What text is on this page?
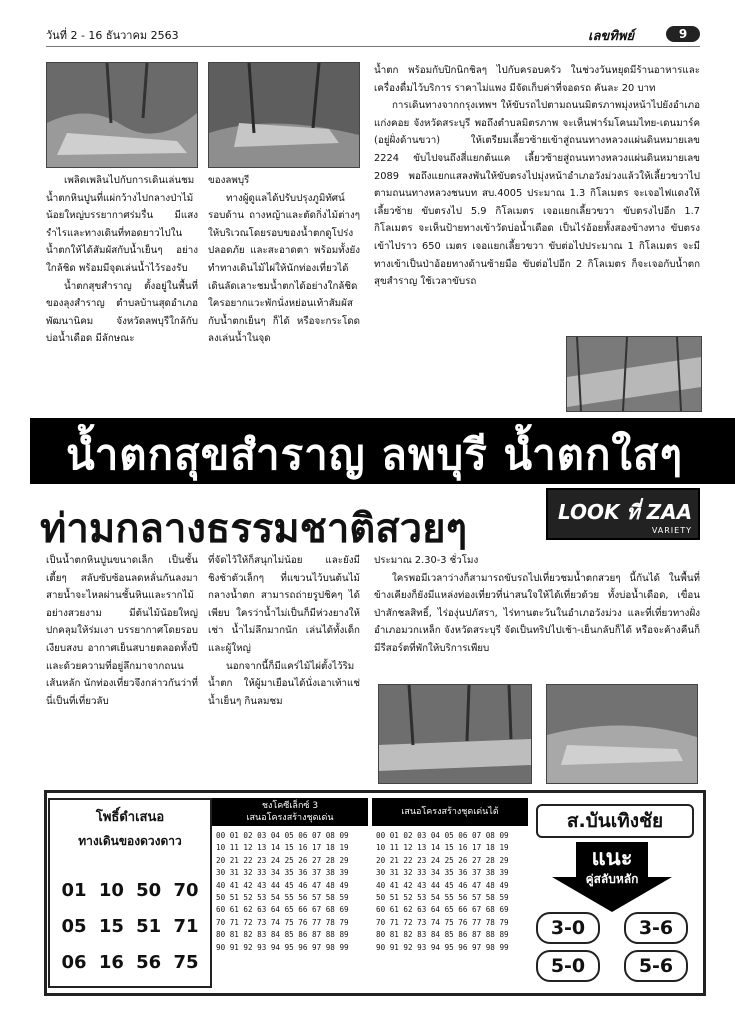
วันที่ 2 - 16 ธันวาคม 2563	เลขทิพย์	9

เพลิดเพลินไปกับการเดินเล่นชมน้ำตกหินปูนที่แผ่กว้างไปกลางป่าไม้น้อยใหญ่บรรยากาศร่มรื่น มีแสงรำไรและทางเดินที่ทอดยาวไปในน้ำตกให้ได้สัมผัสกับน้ำเย็นๆ อย่างใกล้ชิด พร้อมมีจุดเล่นน้ำไว้รองรับ

น้ำตกสุขสำราญ ตั้งอยู่ในพื้นที่ของลุงสำราญ ตำบลบ้านสุดอำเภอพัฒนานิคม จังหวัดลพบุรีใกล้กับบ่อน้ำเดือด มีลักษณะ

ของลพบุรี

ทางผู้ดูแลได้ปรับปรุงภูมิทัศน์รอบด้าน ถางหญ้าและตัดกิ่งไม้ต่างๆ ให้บริเวณโดยรอบของน้ำตกดูโปร่ง ปลอดภัย และสะอาดตา พร้อมทั้งยังทำทางเดินไม้ไผ่ให้นักท่องเที่ยวได้เดินลัดเลาะชมน้ำตกได้อย่างใกล้ชิด ใครอยากแวะพักนั่งหย่อนเท้าสัมผัสกับน้ำตกเย็นๆ ก็ได้ หรือจะกระโดดลงเล่นน้ำในจุด

น้ำตก พร้อมกับปิกนิกชิลๆ ไปกับครอบครัว ในช่วงวันหยุดมีร้านอาหารและเครื่องดื่มไว้บริการ ราคาไม่แพง มีจัดเก็บค่าที่จอดรถ คันละ 20 บาท

การเดินทางจากกรุงเทพฯ ให้ขับรถไปตามถนนมิตรภาพมุ่งหน้าไปยังอำเภอแก่งคอย จังหวัดสระบุรี พอถึงตำบลมิตรภาพ จะเห็นฟาร์มโคนมไทย-เดนมาร์ค (อยู่ฝั่งด้านขวา) ให้เตรียมเลี้ยวซ้ายเข้าสู่ถนนทางหลวงแผ่นดินหมายเลข 2224 ขับไปจนถึงสี่แยกต้นแค เลี้ยวซ้ายสู่ถนนทางหลวงแผ่นดินหมายเลข 2089 พอถึงแยกแสลงพันให้ขับตรงไปมุ่งหน้าอำเภอวังม่วงแล้วให้เลี้ยวขวาไปตามถนนทางหลวงชนบท สบ.4005 ประมาณ 1.3 กิโลเมตร จะเจอไฟแดงให้เลี้ยวซ้าย ขับตรงไป 5.9 กิโลเมตร เจอแยกเลี้ยวขวา ขับตรงไปอีก 1.7 กิโลเมตร จะเห็นป้ายทางเข้าวัดบ่อน้ำเดือด เป็นไร่อ้อยทั้งสองข้างทาง ขับตรงเข้าไปราว 650 เมตร เจอแยกเลี้ยวขวา ขับต่อไปประมาณ 1 กิโลเมตร จะมีทางเข้าเป็นป่าอ้อยทางด้านซ้ายมือ ขับต่อไปอีก 2 กิโลเมตร ก็จะเจอกับน้ำตกสุขสำราญ ใช้เวลาขับรถ

น้ำตกสุขสำราญ ลพบุรี น้ำตกใสๆ
ท่ามกลางธรรมชาติสวยๆ	LOOK ที่ ZAA
VARIETY

เป็นน้ำตกหินปูนขนาดเล็ก เป็นชั้นเตี้ยๆ สลับซับซ้อนลดหลั่นกันลงมา สายน้ำจะไหลผ่านชั้นหินและรากไม้อย่างสวยงาม มีต้นไม้น้อยใหญ่ปกคลุมให้ร่มเงา บรรยากาศโดยรอบเงียบสงบ อากาศเย็นสบายตลอดทั้งปี และด้วยความที่อยู่ลึกมาจากถนนเส้นหลัก นักท่องเที่ยวจึงกล่าวกันว่าที่นี่เป็นที่เที่ยวลับ

ที่จัดไว้ให้ก็สนุกไม่น้อย และยังมีชิงช้าตัวเล็กๆ ที่แขวนไว้บนต้นไม้กลางน้ำตก สามารถถ่ายรูปชิคๆ ได้เพียบ ใครว่าน้ำไม่เป็นก็มีห่วงยางให้เช่า น้ำไม่ลึกมากนัก เล่นได้ทั้งเด็กและผู้ใหญ่

นอกจากนี้ก็มีแคร่ไม้ไผ่ตั้งไว้ริมน้ำตก ให้ผู้มาเยือนได้นั่งเอาเท้าแช่น้ำเย็นๆ กินลมชม

ประมาณ 2.30-3 ชั่วโมง

ใครพอมีเวลาว่างก็สามารถขับรถไปเที่ยวชมน้ำตกสวยๆ นี้กันได้ ในพื้นที่ข้างเคียงก็ยังมีแหล่งท่องเที่ยวที่น่าสนใจให้ได้เที่ยวด้วย ทั้งบ่อน้ำเดือด, เขื่อนป่าสักชลสิทธิ์, ไร่องุ่นปภัสรา, ไร่ทานตะวันในอำเภอวังม่วง และที่เที่ยวทางฝั่งอำเภอมวกเหล็ก จังหวัดสระบุรี จัดเป็นทริปไปเช้า-เย็นกลับก็ได้ หรือจะค้างคืนก็มีรีสอร์ตที่พักให้บริการเพียบ

โพธิ์ดำเสนอ
ทางเดินของดวงดาว
01 10 50 70
05 15 51 71
06 16 56 75
ชงโคซีเล็กซ์ 3
เสนอโครงสร้างชุดเด่น
00 01 02 03 04 05 06 07 08 09
10 11 12 13 14 15 16 17 18 19
20 21 22 23 24 25 26 27 28 29
30 31 32 33 34 35 36 37 38 39
40 41 42 43 44 45 46 47 48 49
50 51 52 53 54 55 56 57 58 59
60 61 62 63 64 65 66 67 68 69
70 71 72 73 74 75 76 77 78 79
80 81 82 83 84 85 86 87 88 89
90 91 92 93 94 95 96 97 98 99
เสนอโครงสร้างชุดเด่นได้
00 01 02 03 04 05 06 07 08 09
10 11 12 13 14 15 16 17 18 19
20 21 22 23 24 25 26 27 28 29
30 31 32 33 34 35 36 37 38 39
40 41 42 43 44 45 46 47 48 49
50 51 52 53 54 55 56 57 58 59
60 61 62 63 64 65 66 67 68 69
70 71 72 73 74 75 76 77 78 79
80 81 82 83 84 85 86 87 88 89
90 91 92 93 94 95 96 97 98 99
ส.บันเทิงชัย
แนะ
คู่สลับหลัก
3-0	3-6
5-0	5-6
